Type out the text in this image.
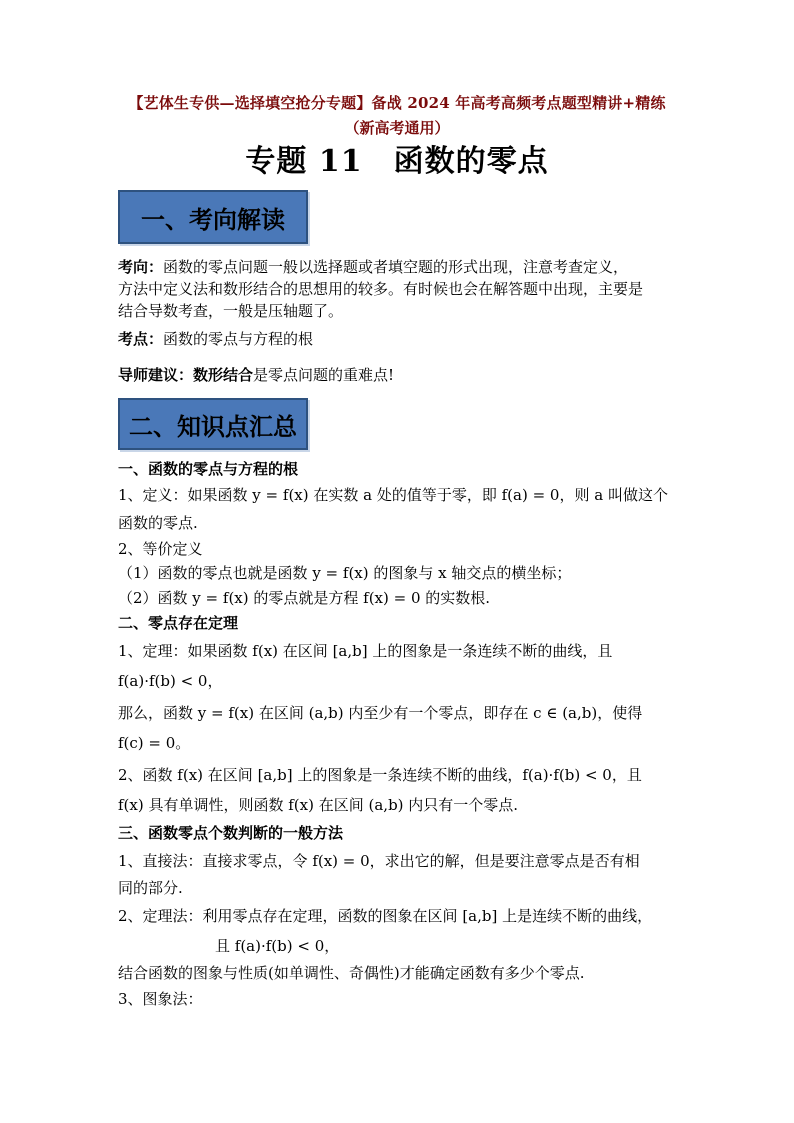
【艺体生专供—选择填空抢分专题】备战 2024 年高考高频考点题型精讲+精练
（新高考通用）
专题 11　函数的零点
一、考向解读
考向：函数的零点问题一般以选择题或者填空题的形式出现，注意考查定义，
方法中定义法和数形结合的思想用的较多。有时候也会在解答题中出现，主要是
结合导数考查，一般是压轴题了。
考点：函数的零点与方程的根
导师建议：数形结合是零点问题的重难点!
二、知识点汇总
一、函数的零点与方程的根
1、定义：如果函数 y = f(x) 在实数 a 处的值等于零，即 f(a) = 0，则 a 叫做这个
函数的零点.
2、等价定义
（1）函数的零点也就是函数 y = f(x) 的图象与 x 轴交点的横坐标；
（2）函数 y = f(x) 的零点就是方程 f(x) = 0 的实数根.
二、零点存在定理
1、定理：如果函数 f(x) 在区间 [a,b] 上的图象是一条连续不断的曲线，且
f(a)·f(b) < 0，
那么，函数 y = f(x) 在区间 (a,b) 内至少有一个零点，即存在 c ∈ (a,b)，使得
f(c) = 0。
2、函数 f(x) 在区间 [a,b] 上的图象是一条连续不断的曲线，f(a)·f(b) < 0，且
f(x) 具有单调性，则函数 f(x) 在区间 (a,b) 内只有一个零点.
三、函数零点个数判断的一般方法
1、直接法：直接求零点，令 f(x) = 0，求出它的解，但是要注意零点是否有相
同的部分.
2、定理法：利用零点存在定理，函数的图象在区间 [a,b] 上是连续不断的曲线，
且 f(a)·f(b) < 0，
结合函数的图象与性质(如单调性、奇偶性)才能确定函数有多少个零点.
3、图象法：
